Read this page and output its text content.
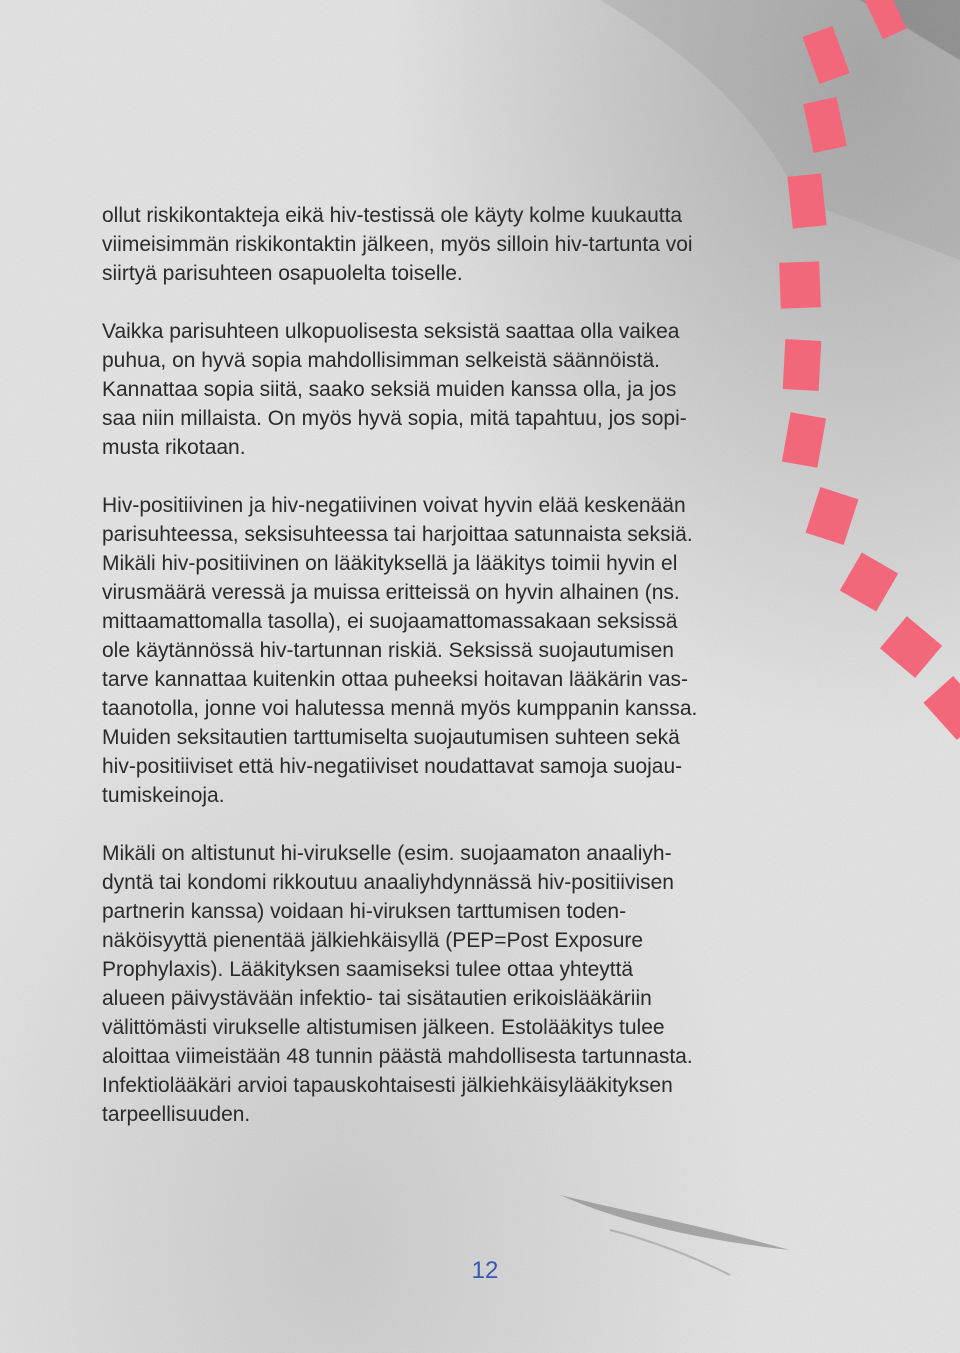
ollut riskikontakteja eikä hiv-testissä ole käyty kolme kuukautta
viimeisimmän riskikontaktin jälkeen, myös silloin hiv-tartunta voi
siirtyä parisuhteen osapuolelta toiselle.

Vaikka parisuhteen ulkopuolisesta seksistä saattaa olla vaikea
puhua, on hyvä sopia mahdollisimman selkeistä säännöistä.
Kannattaa sopia siitä, saako seksiä muiden kanssa olla, ja jos
saa niin millaista. On myös hyvä sopia, mitä tapahtuu, jos sopi-
musta rikotaan.

Hiv-positiivinen ja hiv-negatiivinen voivat hyvin elää keskenään
parisuhteessa, seksisuhteessa tai harjoittaa satunnaista seksiä.
Mikäli hiv-positiivinen on lääkityksellä ja lääkitys toimii hyvin el
virusmäärä veressä ja muissa eritteissä on hyvin alhainen (ns.
mittaamattomalla tasolla), ei suojaamattomassakaan seksissä
ole käytännössä hiv-tartunnan riskiä. Seksissä suojautumisen
tarve kannattaa kuitenkin ottaa puheeksi hoitavan lääkärin vas-
taanotolla, jonne voi halutessa mennä myös kumppanin kanssa.
Muiden seksitautien tarttumiselta suojautumisen suhteen sekä
hiv-positiiviset että hiv-negatiiviset noudattavat samoja suojau-
tumiskeinoja.

Mikäli on altistunut hi-virukselle (esim. suojaamaton anaaliyh-
dyntä tai kondomi rikkoutuu anaaliyhdynnässä hiv-positiivisen
partnerin kanssa) voidaan hi-viruksen tarttumisen toden-
näköisyyttä pienentää jälkiehkäisyllä (PEP=Post Exposure
Prophylaxis). Lääkityksen saamiseksi tulee ottaa yhteyttä
alueen päivystävään infektio- tai sisätautien erikoislääkäriin
välittömästi virukselle altistumisen jälkeen. Estolääkitys tulee
aloittaa viimeistään 48 tunnin päästä mahdollisesta tartunnasta.
Infektiolääkäri arvioi tapauskohtaisesti jälkiehkäisylääkityksen
tarpeellisuuden.

12
